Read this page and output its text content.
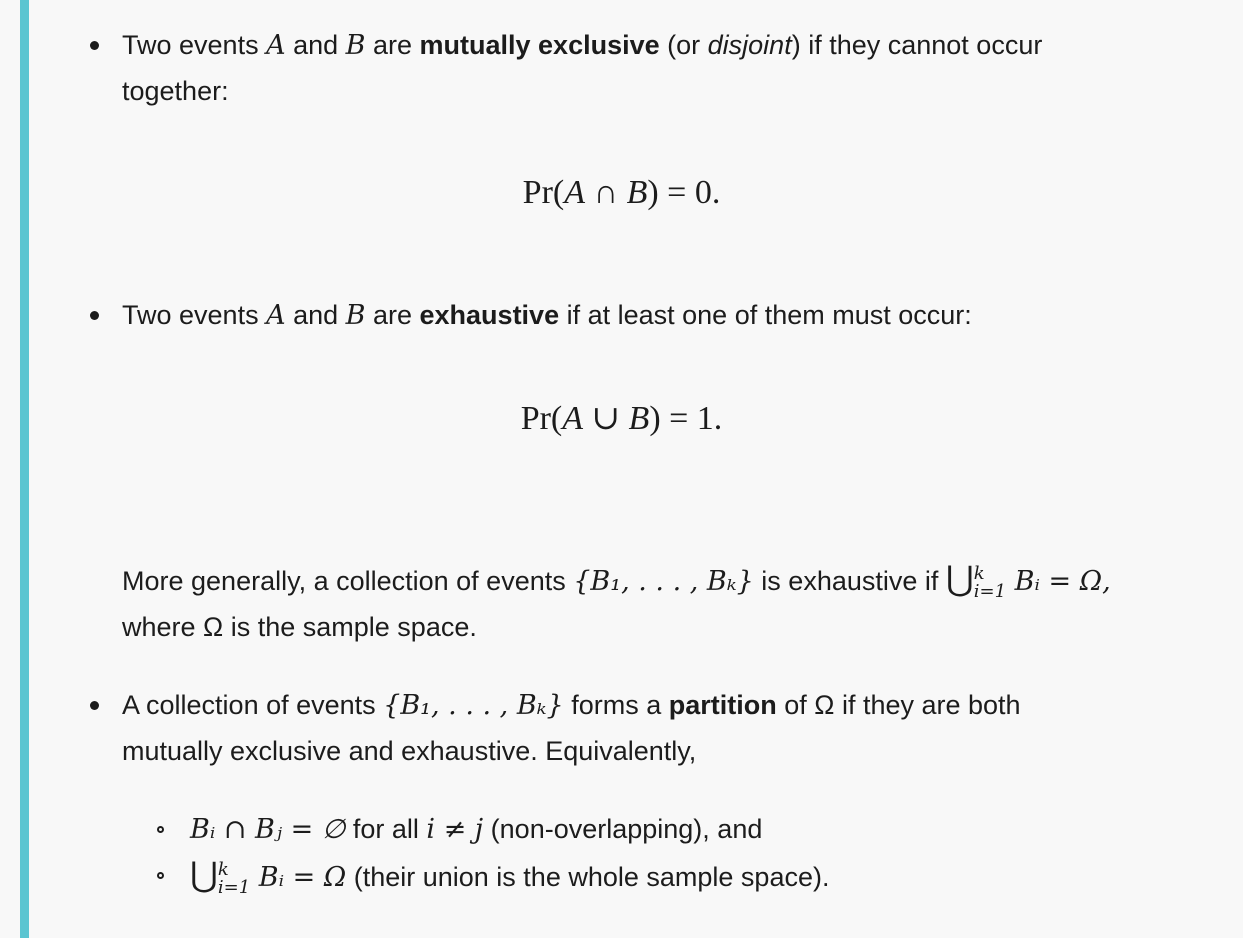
Two events A and B are mutually exclusive (or disjoint) if they cannot occur
together:
Pr(A ∩ B) = 0.
Two events A and B are exhaustive if at least one of them must occur:
Pr(A ∪ B) = 1.
More generally, a collection of events {B₁, . . . , Bₖ} is exhaustive if ⋃ k
i=1 Bᵢ = Ω,
where Ω is the sample space.
A collection of events {B₁, . . . , Bₖ} forms a partition of Ω if they are both
mutually exclusive and exhaustive. Equivalently,
Bᵢ ∩ Bⱼ = ∅ for all i ≠ j (non-overlapping), and
⋃ k
i=1 Bᵢ = Ω (their union is the whole sample space).
